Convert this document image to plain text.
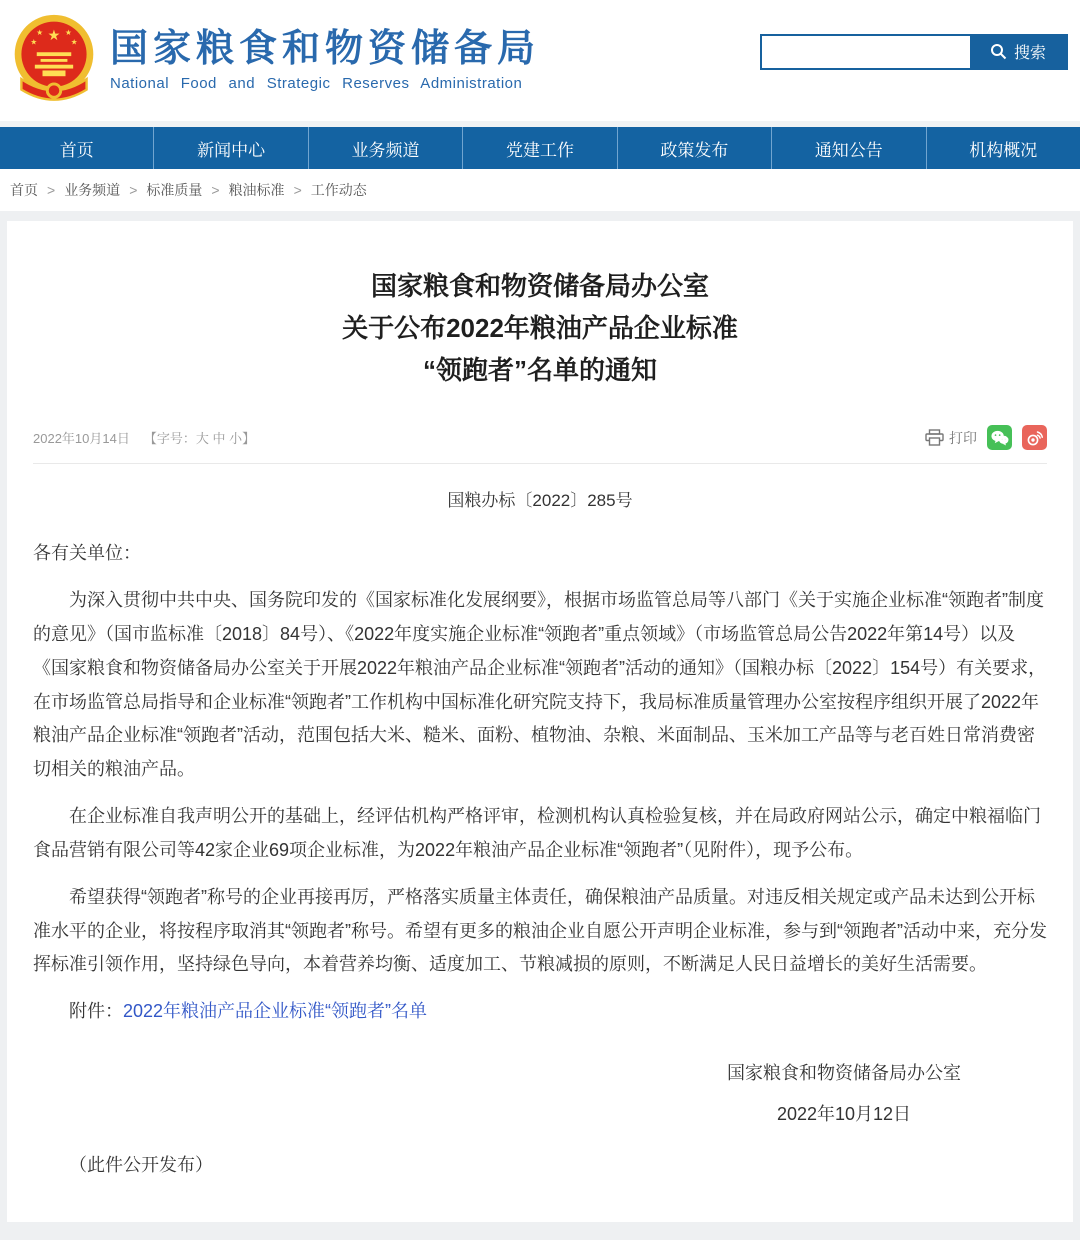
★
★	★
★	★ 国家粮食和物资储备局
National Food and Strategic Reserves Administration
搜索
首页	新闻中心	业务频道	党建工作	政策发布	通知公告	机构概况
首页 > 业务频道 > 标准质量 > 粮油标准 > 工作动态
国家粮食和物资储备局办公室
关于公布2022年粮油产品企业标准
“领跑者”名单的通知
2022年10月14日 【字号：大 中 小】	打印
国粮办标〔2022〕285号

各有关单位：

为深入贯彻中共中央、国务院印发的《国家标准化发展纲要》，根据市场监管总局等八部门《关于实施企业标准“领跑者”制度的意见》（国市监标准〔2018〕84号）、《2022年度实施企业标准“领跑者”重点领域》（市场监管总局公告2022年第14号）以及《国家粮食和物资储备局办公室关于开展2022年粮油产品企业标准“领跑者”活动的通知》（国粮办标〔2022〕154号）有关要求，在市场监管总局指导和企业标准“领跑者”工作机构中国标准化研究院支持下，我局标准质量管理办公室按程序组织开展了2022年粮油产品企业标准“领跑者”活动，范围包括大米、糙米、面粉、植物油、杂粮、米面制品、玉米加工产品等与老百姓日常消费密切相关的粮油产品。

在企业标准自我声明公开的基础上，经评估机构严格评审，检测机构认真检验复核，并在局政府网站公示，确定中粮福临门食品营销有限公司等42家企业69项企业标准，为2022年粮油产品企业标准“领跑者”（见附件），现予公布。

希望获得“领跑者”称号的企业再接再厉，严格落实质量主体责任，确保粮油产品质量。对违反相关规定或产品未达到公开标准水平的企业，将按程序取消其“领跑者”称号。希望有更多的粮油企业自愿公开声明企业标准，参与到“领跑者”活动中来，充分发挥标准引领作用，坚持绿色导向，本着营养均衡、适度加工、节粮减损的原则，不断满足人民日益增长的美好生活需要。

附件：2022年粮油产品企业标准“领跑者”名单

国家粮食和物资储备局办公室
2022年10月12日

（此件公开发布）
